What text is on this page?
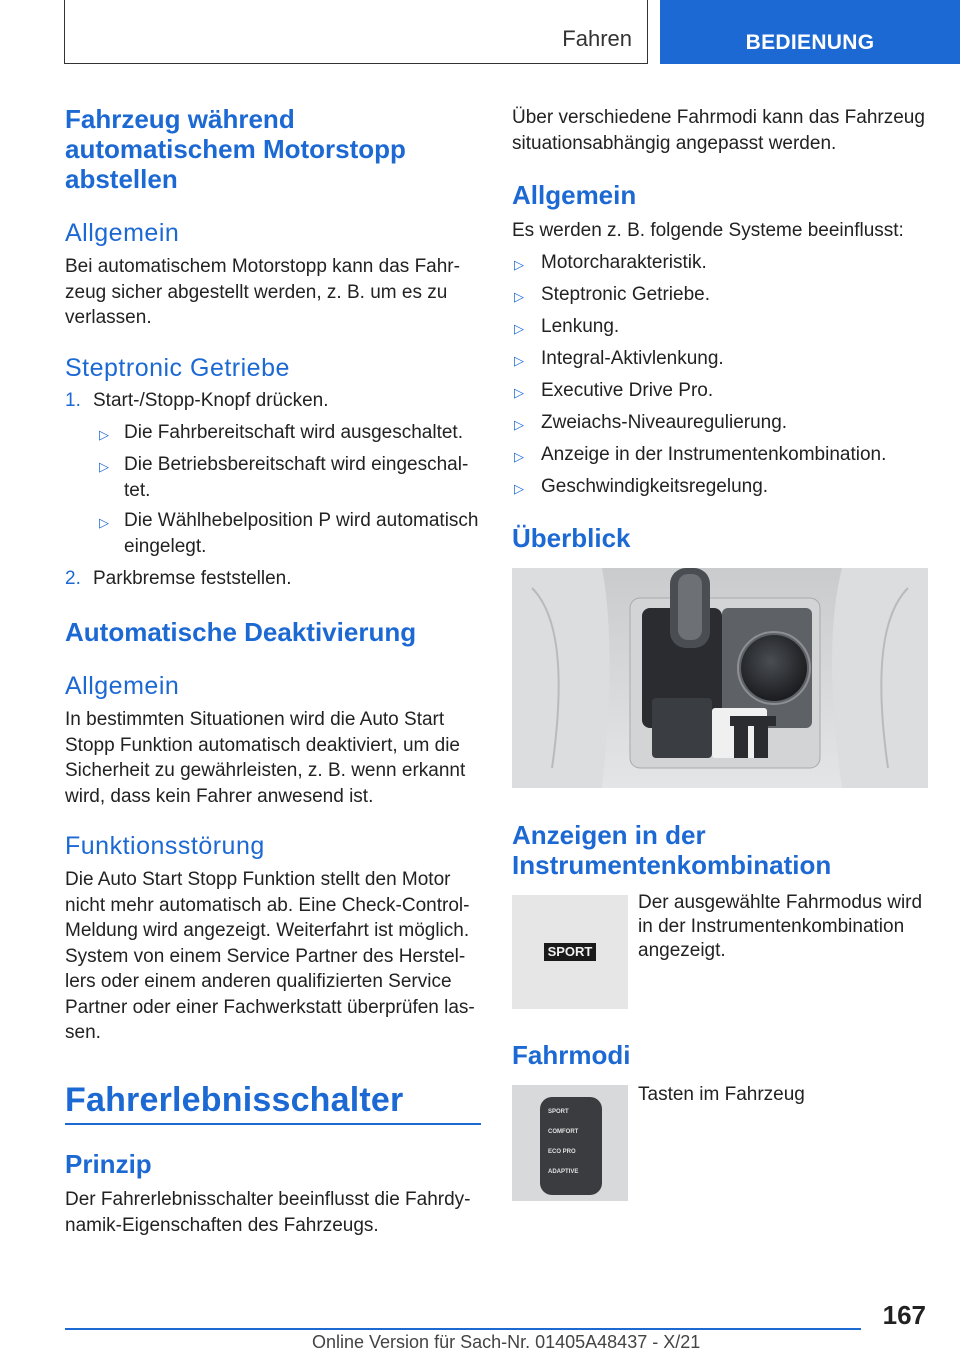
Fahren	BEDIENUNG
Fahrzeug während
automatischem Motorstopp
abstellen
Allgemein
Bei automatischem Motorstopp kann das Fahr-
zeug sicher abgestellt werden, z. B. um es zu
verlassen.
Steptronic Getriebe
1. Start-/Stopp-Knopf drücken.
▷ Die Fahrbereitschaft wird ausgeschaltet.
▷ Die Betriebsbereitschaft wird eingeschal-
tet.
▷ Die Wählhebelposition P wird automatisch
eingelegt.
2. Parkbremse feststellen.
Automatische Deaktivierung
Allgemein
In bestimmten Situationen wird die Auto Start
Stopp Funktion automatisch deaktiviert, um die
Sicherheit zu gewährleisten, z. B. wenn erkannt
wird, dass kein Fahrer anwesend ist.
Funktionsstörung
Die Auto Start Stopp Funktion stellt den Motor
nicht mehr automatisch ab. Eine Check-Control-
Meldung wird angezeigt. Weiterfahrt ist möglich.
System von einem Service Partner des Herstel-
lers oder einem anderen qualifizierten Service
Partner oder einer Fachwerkstatt überprüfen las-
sen.
Fahrerlebnisschalter
Prinzip
Der Fahrerlebnisschalter beeinflusst die Fahrdy-
namik-Eigenschaften des Fahrzeugs.
Über verschiedene Fahrmodi kann das Fahrzeug
situationsabhängig angepasst werden.
Allgemein
Es werden z. B. folgende Systeme beeinflusst:
▷ Motorcharakteristik.
▷ Steptronic Getriebe.
▷ Lenkung.
▷ Integral-Aktivlenkung.
▷ Executive Drive Pro.
▷ Zweiachs-Niveauregulierung.
▷ Anzeige in der Instrumentenkombination.
▷ Geschwindigkeitsregelung.
Überblick
Anzeigen in der
Instrumentenkombination
SPORT
Der ausgewählte Fahrmodus wird
in der Instrumentenkombination
angezeigt.
Fahrmodi
SPORT
COMFORT
ECO PRO
ADAPTIVE
Tasten im Fahrzeug
167
Online Version für Sach-Nr. 01405A48437 - X/21
